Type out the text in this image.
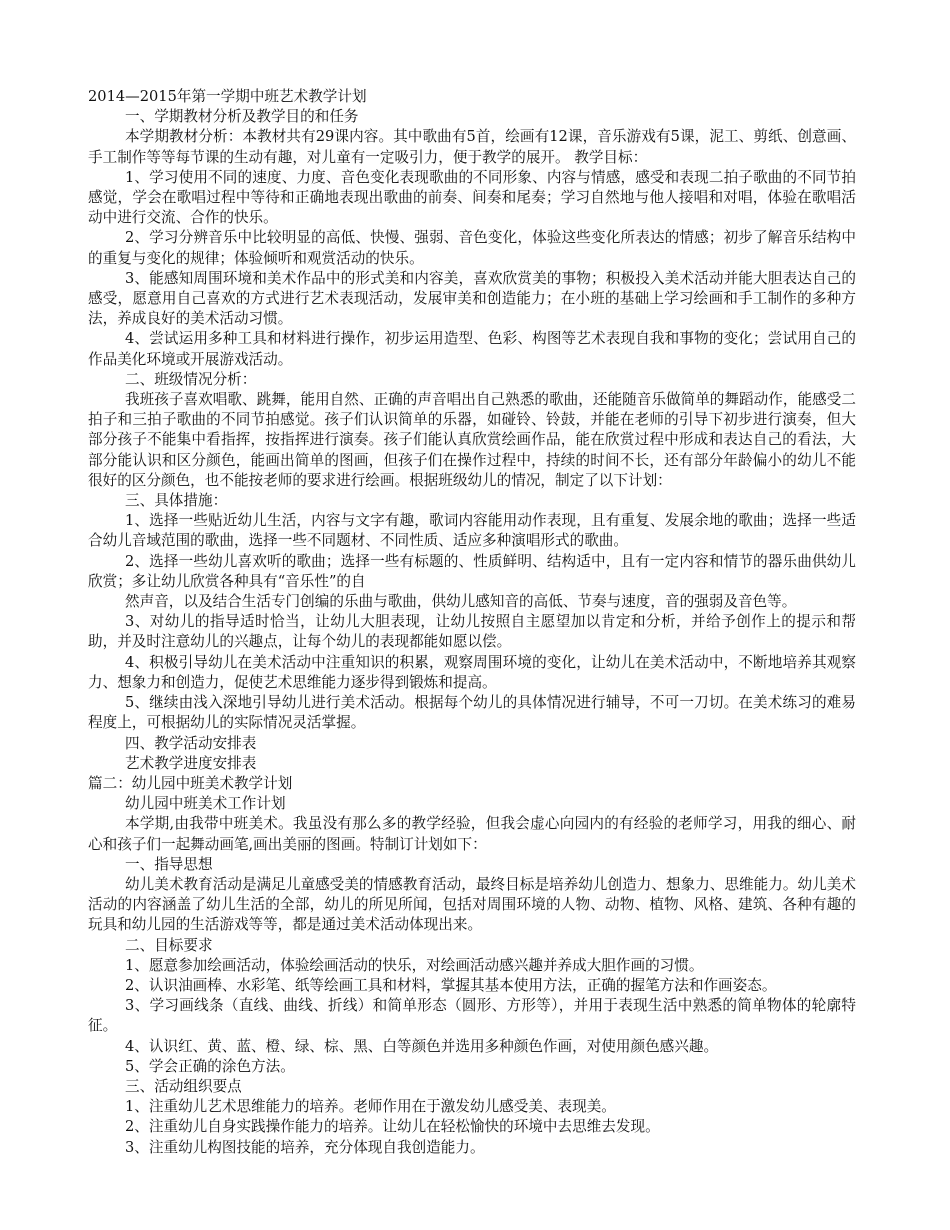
2014—2015年第一学期中班艺术教学计划

一、学期教材分析及教学目的和任务

本学期教材分析：本教材共有29课内容。其中歌曲有5首，绘画有12课，音乐游戏有5课，泥工、剪纸、创意画、手工制作等等每节课的生动有趣，对儿童有一定吸引力，便于教学的展开。 教学目标：

1、学习使用不同的速度、力度、音色变化表现歌曲的不同形象、内容与情感，感受和表现二拍子歌曲的不同节拍感觉，学会在歌唱过程中等待和正确地表现出歌曲的前奏、间奏和尾奏；学习自然地与他人接唱和对唱，体验在歌唱活动中进行交流、合作的快乐。

2、学习分辨音乐中比较明显的高低、快慢、强弱、音色变化，体验这些变化所表达的情感；初步了解音乐结构中的重复与变化的规律；体验倾听和观赏活动的快乐。

3、能感知周围环境和美术作品中的形式美和内容美，喜欢欣赏美的事物；积极投入美术活动并能大胆表达自己的感受，愿意用自己喜欢的方式进行艺术表现活动，发展审美和创造能力；在小班的基础上学习绘画和手工制作的多种方法，养成良好的美术活动习惯。

4、尝试运用多种工具和材料进行操作，初步运用造型、色彩、构图等艺术表现自我和事物的变化；尝试用自己的作品美化环境或开展游戏活动。

二、班级情况分析：

我班孩子喜欢唱歌、跳舞，能用自然、正确的声音唱出自己熟悉的歌曲，还能随音乐做简单的舞蹈动作，能感受二拍子和三拍子歌曲的不同节拍感觉。孩子们认识简单的乐器，如碰铃、铃鼓，并能在老师的引导下初步进行演奏，但大部分孩子不能集中看指挥，按指挥进行演奏。孩子们能认真欣赏绘画作品，能在欣赏过程中形成和表达自己的看法，大部分能认识和区分颜色，能画出简单的图画，但孩子们在操作过程中，持续的时间不长，还有部分年龄偏小的幼儿不能很好的区分颜色，也不能按老师的要求进行绘画。根据班级幼儿的情况，制定了以下计划：

三、具体措施：

1、选择一些贴近幼儿生活，内容与文字有趣，歌词内容能用动作表现，且有重复、发展余地的歌曲；选择一些适合幼儿音域范围的歌曲，选择一些不同题材、不同性质、适应多种演唱形式的歌曲。

2、选择一些幼儿喜欢听的歌曲；选择一些有标题的、性质鲜明、结构适中，且有一定内容和情节的器乐曲供幼儿欣赏；多让幼儿欣赏各种具有“音乐性”的自

然声音，以及结合生活专门创编的乐曲与歌曲，供幼儿感知音的高低、节奏与速度，音的强弱及音色等。

3、对幼儿的指导适时恰当，让幼儿大胆表现，让幼儿按照自主愿望加以肯定和分析，并给予创作上的提示和帮助，并及时注意幼儿的兴趣点，让每个幼儿的表现都能如愿以偿。

4、积极引导幼儿在美术活动中注重知识的积累，观察周围环境的变化，让幼儿在美术活动中，不断地培养其观察力、想象力和创造力，促使艺术思维能力逐步得到锻炼和提高。

5、继续由浅入深地引导幼儿进行美术活动。根据每个幼儿的具体情况进行辅导，不可一刀切。在美术练习的难易程度上，可根据幼儿的实际情况灵活掌握。

四、教学活动安排表

艺术教学进度安排表

篇二：幼儿园中班美术教学计划

幼儿园中班美术工作计划

本学期,由我带中班美术。我虽没有那么多的教学经验，但我会虚心向园内的有经验的老师学习，用我的细心、耐心和孩子们一起舞动画笔,画出美丽的图画。特制订计划如下：

一、指导思想

幼儿美术教育活动是满足儿童感受美的情感教育活动，最终目标是培养幼儿创造力、想象力、思维能力。幼儿美术活动的内容涵盖了幼儿生活的全部，幼儿的所见所闻，包括对周围环境的人物、动物、植物、风格、建筑、各种有趣的玩具和幼儿园的生活游戏等等，都是通过美术活动体现出来。

二、目标要求

1、愿意参加绘画活动，体验绘画活动的快乐，对绘画活动感兴趣并养成大胆作画的习惯。

2、认识油画棒、水彩笔、纸等绘画工具和材料，掌握其基本使用方法，正确的握笔方法和作画姿态。

3、学习画线条（直线、曲线、折线）和简单形态（圆形、方形等），并用于表现生活中熟悉的简单物体的轮廓特征。

4、认识红、黄、蓝、橙、绿、棕、黑、白等颜色并选用多种颜色作画，对使用颜色感兴趣。

5、学会正确的涂色方法。

三、活动组织要点

1、注重幼儿艺术思维能力的培养。老师作用在于激发幼儿感受美、表现美。

2、注重幼儿自身实践操作能力的培养。让幼儿在轻松愉快的环境中去思维去发现。

3、注重幼儿构图技能的培养，充分体现自我创造能力。
